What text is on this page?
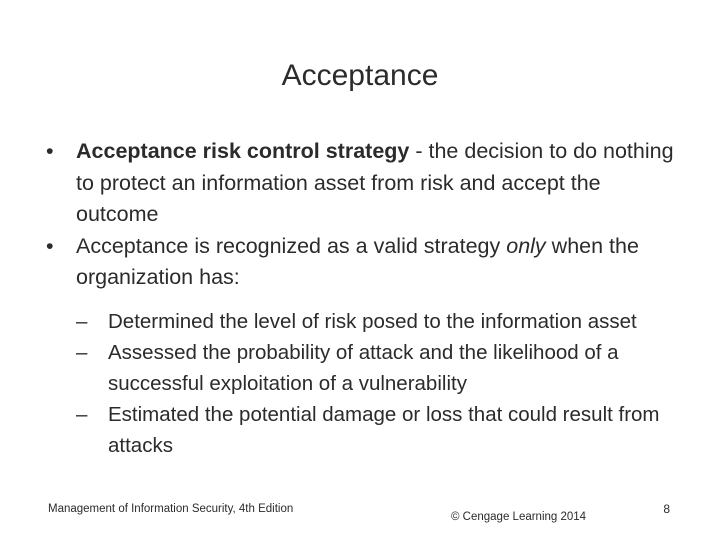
Acceptance
•	Acceptance risk control strategy - the decision to do nothing to protect an information asset from risk and accept the outcome
•	Acceptance is recognized as a valid strategy only when the organization has:
– Determined the level of risk posed to the information asset
– Assessed the probability of attack and the likelihood of a successful exploitation of a vulnerability
– Estimated the potential damage or loss that could result from attacks
Management of Information Security, 4th Edition
© Cengage Learning 2014
8
